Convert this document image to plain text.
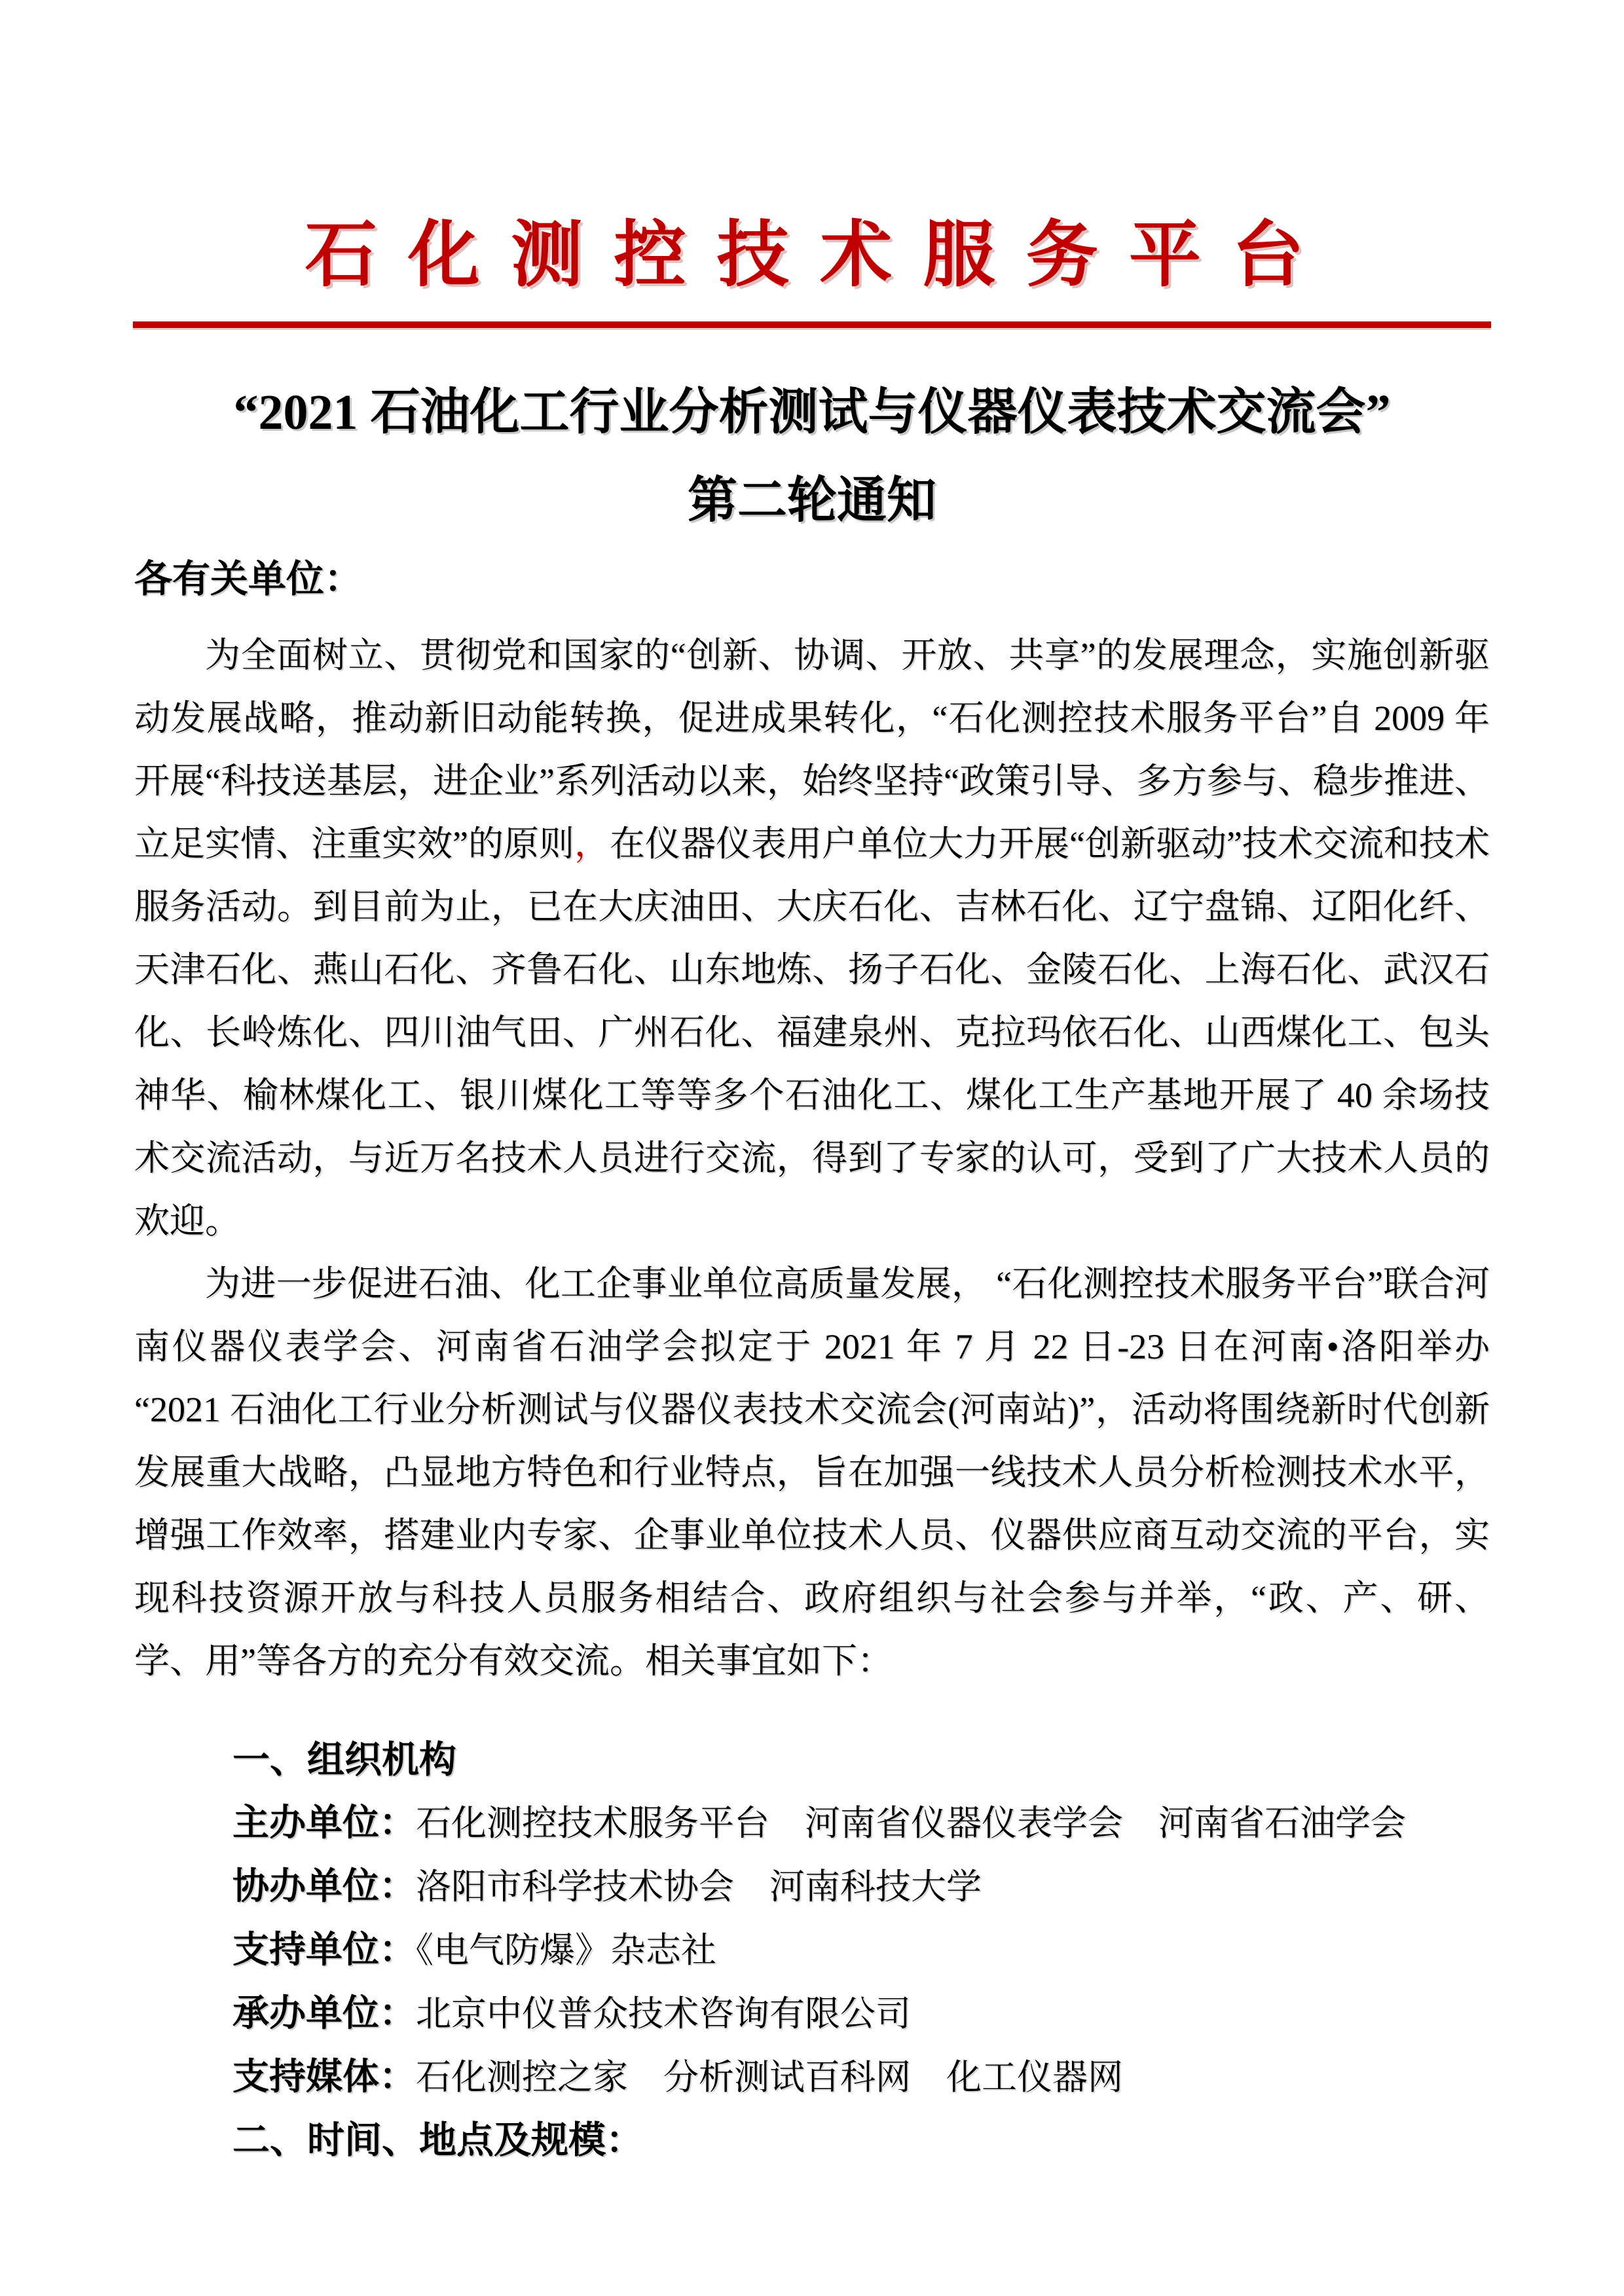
石化测控技术服务平台
“2021 石油化工行业分析测试与仪器仪表技术交流会”
第二轮通知

各有关单位：

为全面树立、贯彻党和国家的“创新、协调、开放、共享”的发展理念，实施创新驱动发展战略，推动新旧动能转换，促进成果转化，“石化测控技术服务平台”自 2009 年开展“科技送基层，进企业”系列活动以来，始终坚持“政策引导、多方参与、稳步推进、立足实情、注重实效”的原则，在仪器仪表用户单位大力开展“创新驱动”技术交流和技术服务活动。到目前为止，已在大庆油田、大庆石化、吉林石化、辽宁盘锦、辽阳化纤、天津石化、燕山石化、齐鲁石化、山东地炼、扬子石化、金陵石化、上海石化、武汉石化、长岭炼化、四川油气田、广州石化、福建泉州、克拉玛依石化、山西煤化工、包头神华、榆林煤化工、银川煤化工等等多个石油化工、煤化工生产基地开展了 40 余场技术交流活动，与近万名技术人员进行交流，得到了专家的认可，受到了广大技术人员的欢迎。

为进一步促进石油、化工企事业单位高质量发展， “石化测控技术服务平台”联合河南仪器仪表学会、河南省石油学会拟定于 2021 年 7 月 22 日-23 日在河南•洛阳举办 “2021 石油化工行业分析测试与仪器仪表技术交流会(河南站)”，活动将围绕新时代创新发展重大战略，凸显地方特色和行业特点，旨在加强一线技术人员分析检测技术水平，增强工作效率，搭建业内专家、企事业单位技术人员、仪器供应商互动交流的平台，实现科技资源开放与科技人员服务相结合、政府组织与社会参与并举，“政、产、研、学、用”等各方的充分有效交流。相关事宜如下：

一、组织机构
主办单位：石化测控技术服务平台　河南省仪器仪表学会　河南省石油学会
协办单位：洛阳市科学技术协会　河南科技大学
支持单位：《电气防爆》杂志社
承办单位：北京中仪普众技术咨询有限公司
支持媒体：石化测控之家　分析测试百科网　化工仪器网
二、时间、地点及规模：
